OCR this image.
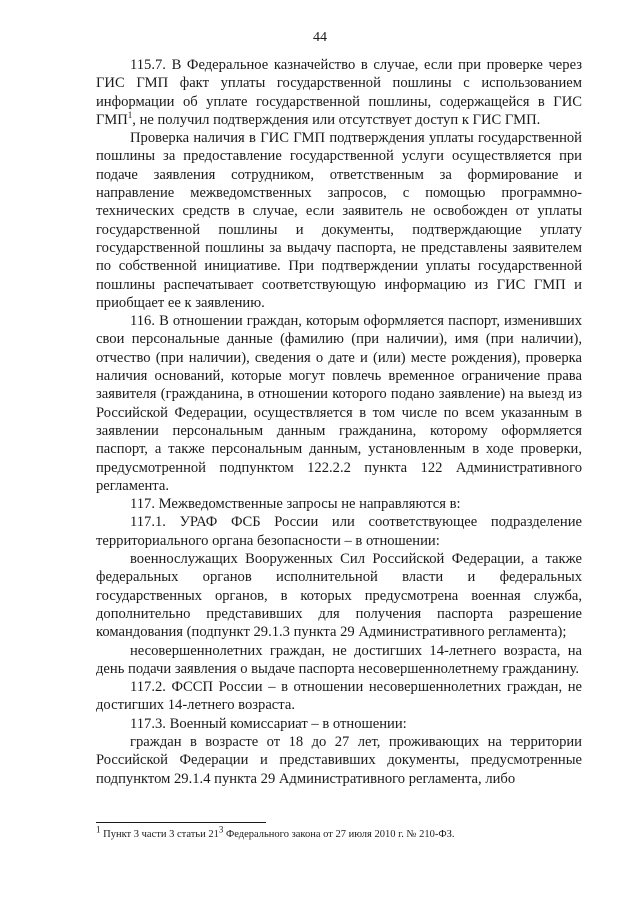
44

115.7. В Федеральное казначейство в случае, если при проверке через ГИС ГМП факт уплаты государственной пошлины с использованием информации об уплате государственной пошлины, содержащейся в ГИС ГМП$^1$, не получил подтверждения или отсутствует доступ к ГИС ГМП.

Проверка наличия в ГИС ГМП подтверждения уплаты государственной пошлины за предоставление государственной услуги осуществляется при подаче заявления сотрудником, ответственным за формирование и направление межведомственных запросов, с помощью программно-технических средств в случае, если заявитель не освобожден от уплаты государственной пошлины и документы, подтверждающие уплату государственной пошлины за выдачу паспорта, не представлены заявителем по собственной инициативе. При подтверждении уплаты государственной пошлины распечатывает соответствующую информацию из ГИС ГМП и приобщает ее к заявлению.

116. В отношении граждан, которым оформляется паспорт, изменивших свои персональные данные (фамилию (при наличии), имя (при наличии), отчество (при наличии), сведения о дате и (или) месте рождения), проверка наличия оснований, которые могут повлечь временное ограничение права заявителя (гражданина, в отношении которого подано заявление) на выезд из Российской Федерации, осуществляется в том числе по всем указанным в заявлении персональным данным гражданина, которому оформляется паспорт, а также персональным данным, установленным в ходе проверки, предусмотренной подпунктом 122.2.2 пункта 122 Административного регламента.

117. Межведомственные запросы не направляются в:

117.1. УРАФ ФСБ России или соответствующее подразделение территориального органа безопасности – в отношении:

военнослужащих Вооруженных Сил Российской Федерации, а также федеральных органов исполнительной власти и федеральных государственных органов, в которых предусмотрена военная служба, дополнительно представивших для получения паспорта разрешение командования (подпункт 29.1.3 пункта 29 Административного регламента);

несовершеннолетних граждан, не достигших 14-летнего возраста, на день подачи заявления о выдаче паспорта несовершеннолетнему гражданину.

117.2. ФССП России – в отношении несовершеннолетних граждан, не достигших 14-летнего возраста.

117.3. Военный комиссариат – в отношении:

граждан в возрасте от 18 до 27 лет, проживающих на территории Российской Федерации и представивших документы, предусмотренные подпунктом 29.1.4 пункта 29 Административного регламента, либо

$^1$ Пункт 3 части 3 статьи $21^3$ Федерального закона от 27 июля 2010 г. № 210-ФЗ.
